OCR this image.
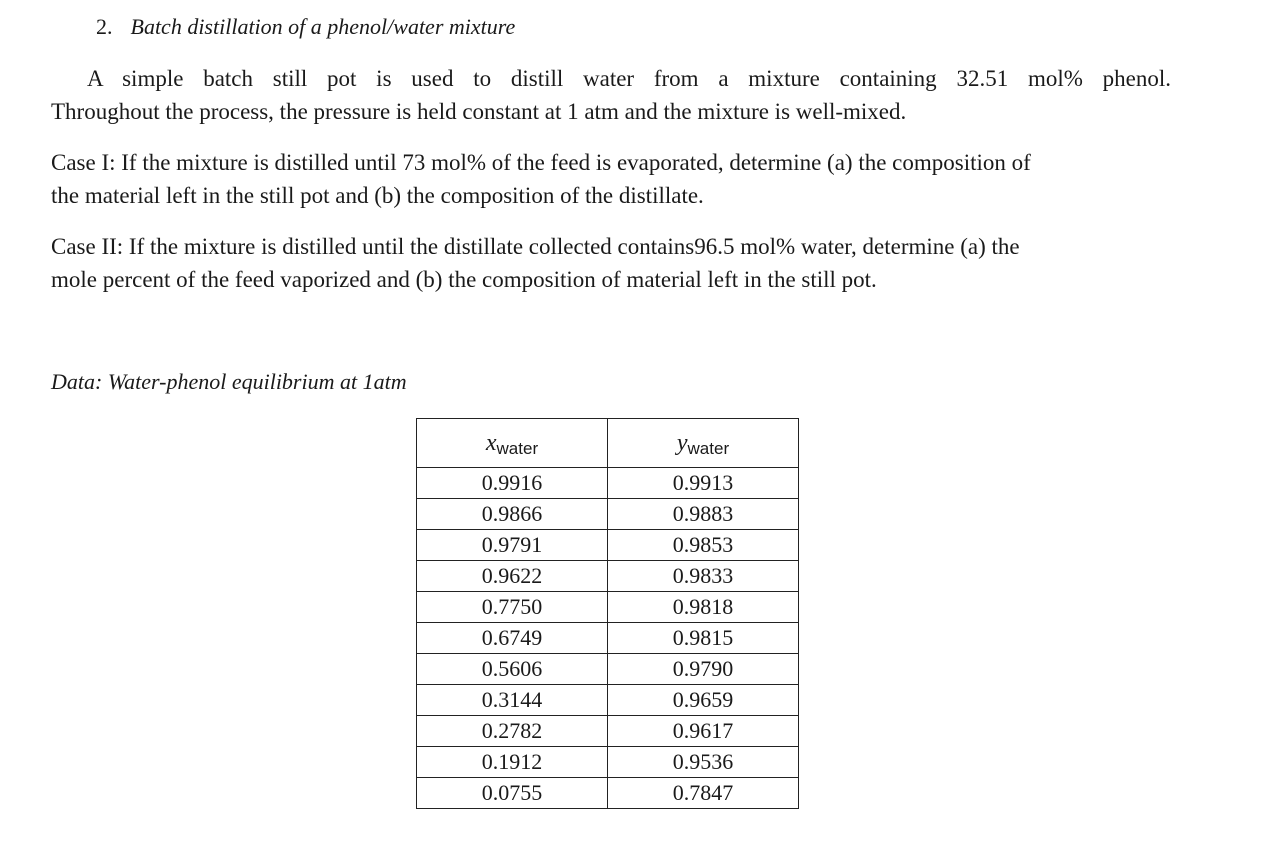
2. Batch distillation of a phenol/water mixture
A simple batch still pot is used to distill water from a mixture containing 32.51 mol% phenol.
Throughout the process, the pressure is held constant at 1 atm and the mixture is well-mixed.
Case I: If the mixture is distilled until 73 mol% of the feed is evaporated, determine (a) the composition of
the material left in the still pot and (b) the composition of the distillate.
Case II: If the mixture is distilled until the distillate collected contains96.5 mol% water, determine (a) the
mole percent of the feed vaporized and (b) the composition of material left in the still pot.
Data: Water-phenol equilibrium at 1atm
xwater	ywater
0.9916	0.9913
0.9866	0.9883
0.9791	0.9853
0.9622	0.9833
0.7750	0.9818
0.6749	0.9815
0.5606	0.9790
0.3144	0.9659
0.2782	0.9617
0.1912	0.9536
0.0755	0.7847
